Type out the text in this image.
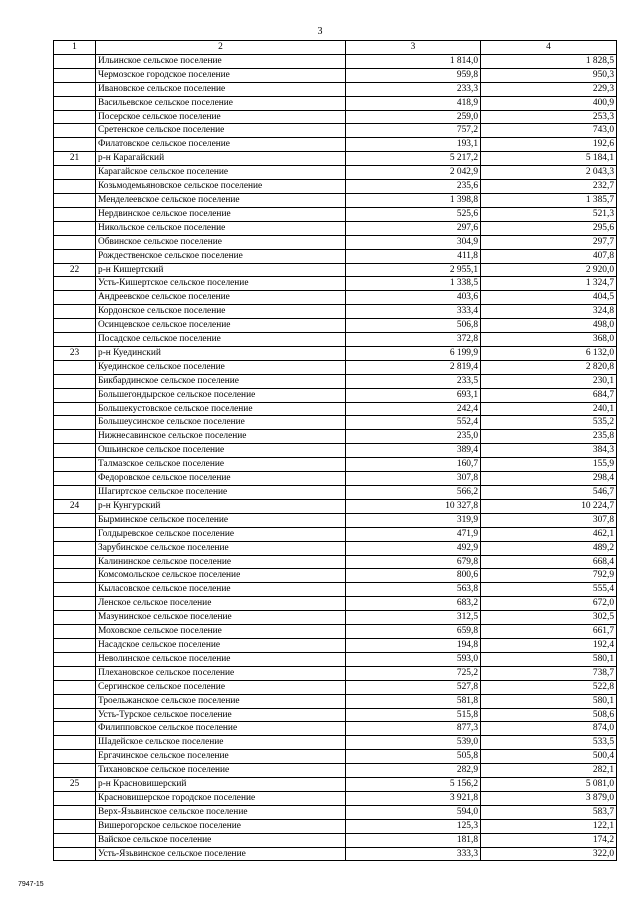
3
1	2	3	4
	Ильинское сельское поселение	1 814,0	1 828,5
	Чермозское городское поселение	959,8	950,3
	Ивановское сельское поселение	233,3	229,3
	Васильевское сельское поселение	418,9	400,9
	Посерское сельское поселение	259,0	253,3
	Сретенское сельское поселение	757,2	743,0
	Филатовское сельское поселение	193,1	192,6
21	р-н Карагайский	5 217,2	5 184,1
	Карагайское сельское поселение	2 042,9	2 043,3
	Козьмодемьяновское сельское поселение	235,6	232,7
	Менделеевское сельское поселение	1 398,8	1 385,7
	Нердвинское сельское поселение	525,6	521,3
	Никольское сельское поселение	297,6	295,6
	Обвинское сельское поселение	304,9	297,7
	Рождественское сельское поселение	411,8	407,8
22	р-н Кишертский	2 955,1	2 920,0
	Усть-Кишертское сельское поселение	1 338,5	1 324,7
	Андреевское сельское поселение	403,6	404,5
	Кордонское сельское поселение	333,4	324,8
	Осинцевское сельское поселение	506,8	498,0
	Посадское сельское поселение	372,8	368,0
23	р-н Куединский	6 199,9	6 132,0
	Куединское сельское поселение	2 819,4	2 820,8
	Бикбардинское сельское поселение	233,5	230,1
	Большегондырское сельское поселение	693,1	684,7
	Большекустовское сельское поселение	242,4	240,1
	Большеусинское сельское поселение	552,4	535,2
	Нижнесавинское сельское поселение	235,0	235,8
	Ошьинское сельское поселение	389,4	384,3
	Талмазское сельское поселение	160,7	155,9
	Федоровское сельское поселение	307,8	298,4
	Шагиртское сельское поселение	566,2	546,7
24	р-н Кунгурский	10 327,8	10 224,7
	Бырминское сельское поселение	319,9	307,8
	Голдыревское сельское поселение	471,9	462,1
	Зарубинское сельское поселение	492,9	489,2
	Калининское сельское поселение	679,8	668,4
	Комсомольское сельское поселение	800,6	792,9
	Кыласовское сельское поселение	563,8	555,4
	Ленское сельское поселение	683,2	672,0
	Мазунинское сельское поселение	312,5	302,5
	Моховское сельское поселение	659,8	661,7
	Насадское сельское поселение	194,8	192,4
	Неволинское сельское поселение	593,0	580,1
	Плехановское сельское поселение	725,2	738,7
	Сергинское сельское поселение	527,8	522,8
	Троельжанское сельское поселение	581,8	580,1
	Усть-Турское сельское поселение	515,8	508,6
	Филипповское сельское поселение	877,3	874,0
	Шадейское сельское поселение	539,0	533,5
	Ергачинское сельское поселение	505,8	500,4
	Тихановское сельское поселение	282,9	282,1
25	р-н Красновишерский	5 156,2	5 081,0
	Красновишерское городское поселение	3 921,8	3 879,0
	Верх-Язьвинское сельское поселение	594,0	583,7
	Вишерогорское сельское поселение	125,3	122,1
	Вайское сельское поселение	181,8	174,2
	Усть-Язьвинское сельское поселение	333,3	322,0
7947-15
